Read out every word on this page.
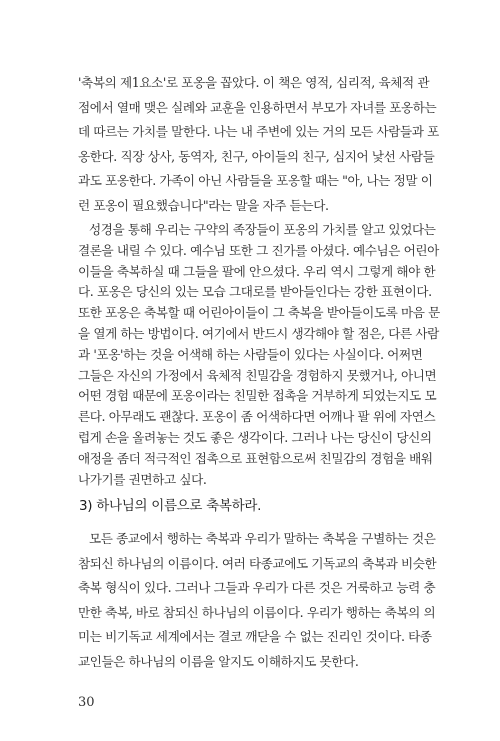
'축복의 제1요소'로 포옹을 꼽았다. 이 책은 영적, 심리적, 육체적 관
점에서 열매 맺은 실례와 교훈을 인용하면서 부모가 자녀를 포옹하는
데 따르는 가치를 말한다. 나는 내 주변에 있는 거의 모든 사람들과 포
옹한다. 직장 상사, 동역자, 친구, 아이들의 친구, 심지어 낯선 사람들
과도 포옹한다. 가족이 아닌 사람들을 포옹할 때는 "아, 나는 정말 이
런 포옹이 필요했습니다"라는 말을 자주 듣는다.
성경을 통해 우리는 구약의 족장들이 포옹의 가치를 알고 있었다는
결론을 내릴 수 있다. 예수님 또한 그 진가를 아셨다. 예수님은 어린아
이들을 축복하실 때 그들을 팔에 안으셨다. 우리 역시 그렇게 해야 한
다. 포옹은 당신의 있는 모습 그대로를 받아들인다는 강한 표현이다.
또한 포옹은 축복할 때 어린아이들이 그 축복을 받아들이도록 마음 문
을 열게 하는 방법이다. 여기에서 반드시 생각해야 할 점은, 다른 사람
과 '포옹'하는 것을 어색해 하는 사람들이 있다는 사실이다. 어쩌면
그들은 자신의 가정에서 육체적 친밀감을 경험하지 못했거나, 아니면
어떤 경험 때문에 포옹이라는 친밀한 접촉을 거부하게 되었는지도 모
른다. 아무래도 괜찮다. 포옹이 좀 어색하다면 어깨나 팔 위에 자연스
럽게 손을 올려놓는 것도 좋은 생각이다. 그러나 나는 당신이 당신의
애정을 좀더 적극적인 접촉으로 표현함으로써 친밀감의 경험을 배워
나가기를 권면하고 싶다.
3) 하나님의 이름으로 축복하라.
모든 종교에서 행하는 축복과 우리가 말하는 축복을 구별하는 것은
참되신 하나님의 이름이다. 여러 타종교에도 기독교의 축복과 비슷한
축복 형식이 있다. 그러나 그들과 우리가 다른 것은 거룩하고 능력 충
만한 축복, 바로 참되신 하나님의 이름이다. 우리가 행하는 축복의 의
미는 비기독교 세계에서는 결코 깨닫을 수 없는 진리인 것이다. 타종
교인들은 하나님의 이름을 알지도 이해하지도 못한다.
30
